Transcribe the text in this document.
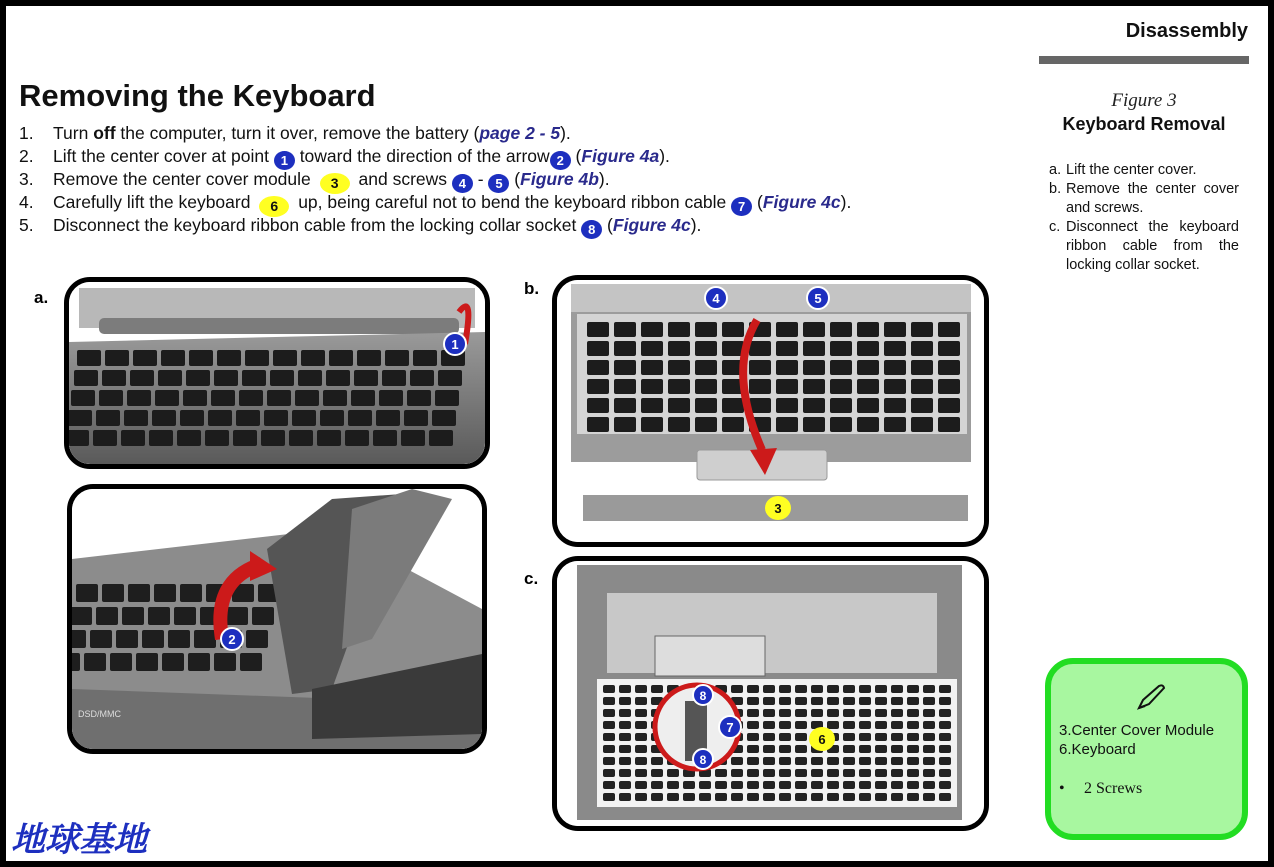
Disassembly
Removing the Keyboard
1. Turn off the computer, turn it over, remove the battery (page 2 - 5).
2. Lift the center cover at point 1 toward the direction of the arrow 2 (Figure 4a).
3. Remove the center cover module 3 and screws 4 - 5 (Figure 4b).
4. Carefully lift the keyboard 6 up, being careful not to bend the keyboard ribbon cable 7 (Figure 4c).
5. Disconnect the keyboard ribbon cable from the locking collar socket 8 (Figure 4c).
Figure 3
Keyboard Removal
a. Lift the center cover.
b. Remove the center cover and screws.
c. Disconnect the keyboard ribbon cable from the locking collar socket.
a.	b.
c.
1
2
DSD/MMC
4	5
3
8
7
8
6
3.Center Cover Module
6.Keyboard
• 2 Screws
地球基地
